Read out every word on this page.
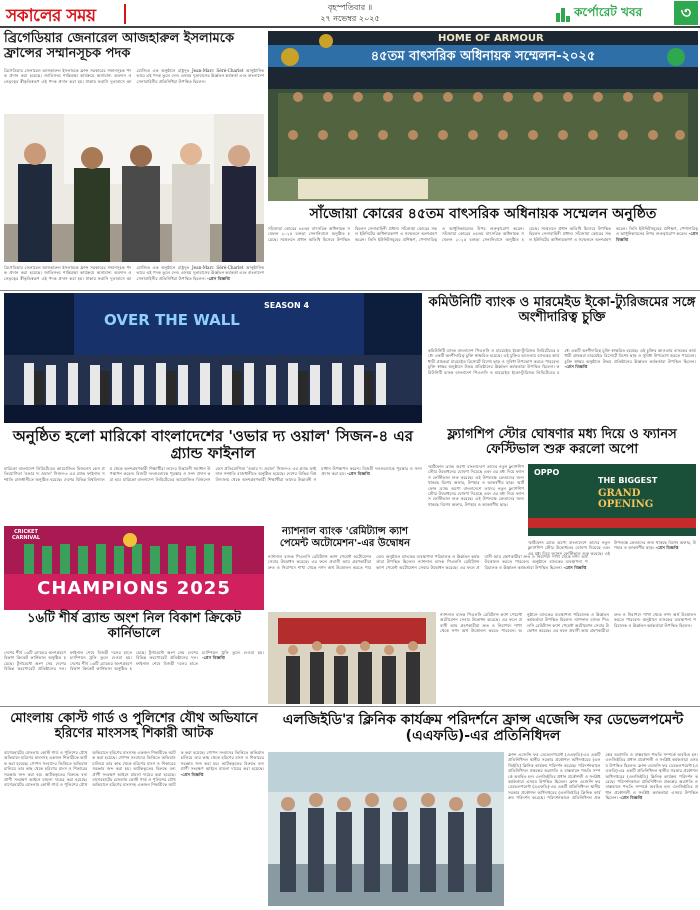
সকালের সময়	বৃহস্পতিবার ॥
২৭ নভেম্বর ২০২৫	কর্পোরেট খবর	৩
ব্রিগেডিয়ার জেনারেল আজহারুল ইসলামকে ফ্রান্সের সম্মানসূচক পদক
ব্রিগেডিয়ার জেনারেল আজহারুল ইসলামকে ফ্রান্স সরকারের সম্মানসূচক পদক প্রদান করা হয়েছে। জাতিসংঘ শান্তিরক্ষা কার্যক্রমে অসামান্য অবদান ও নেতৃত্বের স্বীকৃতিস্বরূপ এই পদক প্রদান করা হয়। ঢাকায় ফরাসি দূতাবাসে আয়োজিত এক অনুষ্ঠানে রাষ্ট্রদূত Jean-Marc Séré-Charlet আনুষ্ঠানিকভাবে এই পদক তুলে দেন। এসময় দূতাবাসের ঊর্ধ্বতন কর্মকর্তা এবং বাংলাদেশ সেনাবাহিনীর প্রতিনিধিরা উপস্থিত ছিলেন।
ব্রিগেডিয়ার জেনারেল আজহারুল ইসলামকে ফ্রান্স সরকারের সম্মানসূচক পদক প্রদান করা হয়েছে। জাতিসংঘ শান্তিরক্ষা কার্যক্রমে অসামান্য অবদান ও নেতৃত্বের স্বীকৃতিস্বরূপ এই পদক প্রদান করা হয়। ঢাকায় ফরাসি দূতাবাসে আয়োজিত এক অনুষ্ঠানে রাষ্ট্রদূত Jean-Marc Séré-Charlet আনুষ্ঠানিকভাবে এই পদক তুলে দেন। এসময় দূতাবাসের ঊর্ধ্বতন কর্মকর্তা এবং বাংলাদেশ সেনাবাহিনীর প্রতিনিধিরা উপস্থিত ছিলেন। -প্রেস বিজ্ঞপ্তি
HOME OF ARMOUR
৪৫তম বাৎসরিক অধিনায়ক সম্মেলন-২০২৫
সাঁজোয়া কোরের ৪৫তম বাৎসরিক অধিনায়ক সম্মেলন অনুষ্ঠিত
সাঁজোয়া কোরের ৪৫তম বাৎসরিক অধিনায়ক সম্মেলন ২০২৫ বগুড়া সেনানিবাসে অনুষ্ঠিত হয়েছে। সম্মেলনে প্রধান অতিথি হিসেবে উপস্থিত ছিলেন সেনাবাহিনী প্রধান। সাঁজোয়া কোরের সকল ইউনিটের অধিনায়কগণ এ সম্মেলনে অংশগ্রহণ করেন। তিনি ইউনিটসমূহের প্রশিক্ষণ, পেশাদারিত্ব ও আধুনিকায়নের উপর গুরুত্বারোপ করেন। সাঁজোয়া কোরের ৪৫তম বাৎসরিক অধিনায়ক সম্মেলন ২০২৫ বগুড়া সেনানিবাসে অনুষ্ঠিত হয়েছে। সম্মেলনে প্রধান অতিথি হিসেবে উপস্থিত ছিলেন সেনাবাহিনী প্রধান। সাঁজোয়া কোরের সকল ইউনিটের অধিনায়কগণ এ সম্মেলনে অংশগ্রহণ করেন। তিনি ইউনিটসমূহের প্রশিক্ষণ, পেশাদারিত্ব ও আধুনিকায়নের উপর গুরুত্বারোপ করেন। -প্রেস বিজ্ঞপ্তি
OVER THE WALL
SEASON 4	কমিউনিটি ব্যাংক ও মারমেইড ইকো-ট্যুরিজমের সঙ্গে অংশীদারিত্ব চুক্তি
কমিউনিটি ব্যাংক বাংলাদেশ পিএলসি ও মারমেইড ইকো-ট্যুরিজম লিমিটেডের মধ্যে একটি অংশীদারিত্ব চুক্তি স্বাক্ষরিত হয়েছে। এই চুক্তির আওতায় ব্যাংকের কার্ডধারী গ্রাহকরা মারমেইড রিসোর্টে বিশেষ ছাড় ও সুবিধা উপভোগ করতে পারবেন। চুক্তি স্বাক্ষর অনুষ্ঠানে উভয় প্রতিষ্ঠানের ঊর্ধ্বতন কর্মকর্তারা উপস্থিত ছিলেন। কমিউনিটি ব্যাংক বাংলাদেশ পিএলসি ও মারমেইড ইকো-ট্যুরিজম লিমিটেডের মধ্যে একটি অংশীদারিত্ব চুক্তি স্বাক্ষরিত হয়েছে। এই চুক্তির আওতায় ব্যাংকের কার্ডধারী গ্রাহকরা মারমেইড রিসোর্টে বিশেষ ছাড় ও সুবিধা উপভোগ করতে পারবেন। চুক্তি স্বাক্ষর অনুষ্ঠানে উভয় প্রতিষ্ঠানের ঊর্ধ্বতন কর্মকর্তারা উপস্থিত ছিলেন। -প্রেস বিজ্ঞপ্তি
অনুষ্ঠিত হলো মারিকো বাংলাদেশের 'ওভার দ্য ওয়াল' সিজন-৪ এর গ্র্যান্ড ফাইনাল
মারিকো বাংলাদেশ লিমিটেডের আয়োজিত বিজনেস কেস প্রতিযোগিতা 'ওভার দ্য ওয়াল' সিজন-৪ এর গ্র্যান্ড ফাইনাল সম্প্রতি রাজধানীতে অনুষ্ঠিত হয়েছে। দেশের বিভিন্ন বিশ্ববিদ্যালয় থেকে অংশগ্রহণকারী শিক্ষার্থীরা তাদের উদ্ভাবনী সমাধান উপস্থাপন করেন। বিজয়ী দলগুলোকে পুরস্কার ও সনদ প্রদান করা হয়। মারিকো বাংলাদেশ লিমিটেডের আয়োজিত বিজনেস কেস প্রতিযোগিতা 'ওভার দ্য ওয়াল' সিজন-৪ এর গ্র্যান্ড ফাইনাল সম্প্রতি রাজধানীতে অনুষ্ঠিত হয়েছে। দেশের বিভিন্ন বিশ্ববিদ্যালয় থেকে অংশগ্রহণকারী শিক্ষার্থীরা তাদের উদ্ভাবনী সমাধান উপস্থাপন করেন। বিজয়ী দলগুলোকে পুরস্কার ও সনদ প্রদান করা হয়। -প্রেস বিজ্ঞপ্তি
ফ্ল্যাগশিপ স্টোর ঘোষণার মধ্য দিয়ে ও ফ্যানস ফেস্টিভাল শুরু করলো অপো
স্মার্টফোন ব্র্যান্ড অপো বাংলাদেশে তাদের নতুন ফ্ল্যাগশিপ স্টোর উদ্বোধনের ঘোষণা দিয়েছে এবং এর মধ্য দিয়ে ফ্যানস ফেস্টিভাল শুরু করেছে। এই উপলক্ষে ক্রেতাদের জন্য থাকছে বিশেষ অফার, উপহার ও আকর্ষণীয় ছাড়। স্মার্টফোন ব্র্যান্ড অপো বাংলাদেশে তাদের নতুন ফ্ল্যাগশিপ স্টোর উদ্বোধনের ঘোষণা দিয়েছে এবং এর মধ্য দিয়ে ফ্যানস ফেস্টিভাল শুরু করেছে। এই উপলক্ষে ক্রেতাদের জন্য থাকছে বিশেষ অফার, উপহার ও আকর্ষণীয় ছাড়।
OPPO
THE BIGGEST
GRAND OPENING
স্মার্টফোন ব্র্যান্ড অপো বাংলাদেশে তাদের নতুন ফ্ল্যাগশিপ স্টোর উদ্বোধনের ঘোষণা দিয়েছে এবং এর মধ্য দিয়ে ফ্যানস ফেস্টিভাল শুরু করেছে। এই উপলক্ষে ক্রেতাদের জন্য থাকছে বিশেষ অফার, উপহার ও আকর্ষণীয় ছাড়। -প্রেস বিজ্ঞপ্তি
ন্যাশনাল ব্যাংক 'রেমিট্যান্স ক্যাশ পেমেন্ট অটোমেশন'-এর উদ্বোধন
ন্যাশনাল ব্যাংক পিএলসি রেমিট্যান্স ক্যাশ পেমেন্ট অটোমেশন সেবার উদ্বোধন করেছে। এর ফলে প্রবাসী আয় গ্রহণকারীরা দ্রুত ও নিরাপদে শাখা থেকে নগদ অর্থ উত্তোলন করতে পারবেন। অনুষ্ঠানে ব্যাংকের ব্যবস্থাপনা পরিচালক ও ঊর্ধ্বতন কর্মকর্তারা উপস্থিত ছিলেন। ন্যাশনাল ব্যাংক পিএলসি রেমিট্যান্স ক্যাশ পেমেন্ট অটোমেশন সেবার উদ্বোধন করেছে। এর ফলে প্রবাসী আয় গ্রহণকারীরা দ্রুত ও নিরাপদে শাখা থেকে নগদ অর্থ উত্তোলন করতে পারবেন। অনুষ্ঠানে ব্যাংকের ব্যবস্থাপনা পরিচালক ও ঊর্ধ্বতন কর্মকর্তারা উপস্থিত ছিলেন। -প্রেস বিজ্ঞপ্তি
CRICKET CARNIVAL
CHAMPIONS 2025
১৬টি শীর্ষ ব্র্যান্ড অংশ নিল বিকাশ ক্রিকেট কার্নিভালে
দেশের শীর্ষ ১৬টি ব্র্যান্ডের অংশগ্রহণে বিকাশ ক্রিকেট কার্নিভাল অনুষ্ঠিত হয়েছে। টুর্নামেন্টে অংশ নেয় দেশের বিভিন্ন করপোরেট প্রতিষ্ঠানের দল। ফাইনাল শেষে বিজয়ী দলের হাতে চ্যাম্পিয়ন ট্রফি তুলে দেওয়া হয়। দেশের শীর্ষ ১৬টি ব্র্যান্ডের অংশগ্রহণে বিকাশ ক্রিকেট কার্নিভাল অনুষ্ঠিত হয়েছে। টুর্নামেন্টে অংশ নেয় দেশের বিভিন্ন করপোরেট প্রতিষ্ঠানের দল। ফাইনাল শেষে বিজয়ী দলের হাতে চ্যাম্পিয়ন ট্রফি তুলে দেওয়া হয়। -প্রেস বিজ্ঞপ্তি
ন্যাশনাল ব্যাংক পিএলসি রেমিট্যান্স ক্যাশ পেমেন্ট অটোমেশন সেবার উদ্বোধন করেছে। এর ফলে প্রবাসী আয় গ্রহণকারীরা দ্রুত ও নিরাপদে শাখা থেকে নগদ অর্থ উত্তোলন করতে পারবেন। অনুষ্ঠানে ব্যাংকের ব্যবস্থাপনা পরিচালক ও ঊর্ধ্বতন কর্মকর্তারা উপস্থিত ছিলেন। ন্যাশনাল ব্যাংক পিএলসি রেমিট্যান্স ক্যাশ পেমেন্ট অটোমেশন সেবার উদ্বোধন করেছে। এর ফলে প্রবাসী আয় গ্রহণকারীরা দ্রুত ও নিরাপদে শাখা থেকে নগদ অর্থ উত্তোলন করতে পারবেন। অনুষ্ঠানে ব্যাংকের ব্যবস্থাপনা পরিচালক ও ঊর্ধ্বতন কর্মকর্তারা উপস্থিত ছিলেন।
মোংলায় কোস্ট গার্ড ও পুলিশের যৌথ অভিযানে হরিণের মাংসসহ শিকারী আটক
বাগেরহাটের মোংলায় কোস্ট গার্ড ও পুলিশের যৌথ অভিযানে হরিণের মাংসসহ একজন শিকারীকে আটক করা হয়েছে। গোপন সংবাদের ভিত্তিতে অভিযান চালিয়ে তার কাছ থেকে হরিণের মাংস ও শিকারের সরঞ্জাম জব্দ করা হয়। আটককৃতের বিরুদ্ধে বন্যপ্রাণী সংরক্ষণ আইনে মামলা দায়ের করা হয়েছে। বাগেরহাটের মোংলায় কোস্ট গার্ড ও পুলিশের যৌথ অভিযানে হরিণের মাংসসহ একজন শিকারীকে আটক করা হয়েছে। গোপন সংবাদের ভিত্তিতে অভিযান চালিয়ে তার কাছ থেকে হরিণের মাংস ও শিকারের সরঞ্জাম জব্দ করা হয়। আটককৃতের বিরুদ্ধে বন্যপ্রাণী সংরক্ষণ আইনে মামলা দায়ের করা হয়েছে। বাগেরহাটের মোংলায় কোস্ট গার্ড ও পুলিশের যৌথ অভিযানে হরিণের মাংসসহ একজন শিকারীকে আটক করা হয়েছে। গোপন সংবাদের ভিত্তিতে অভিযান চালিয়ে তার কাছ থেকে হরিণের মাংস ও শিকারের সরঞ্জাম জব্দ করা হয়। আটককৃতের বিরুদ্ধে বন্যপ্রাণী সংরক্ষণ আইনে মামলা দায়ের করা হয়েছে। -প্রেস বিজ্ঞপ্তি
এলজিইডি'র ক্লিনিক কার্যক্রম পরিদর্শনে ফ্রান্স এজেন্সি ফর ডেভেলপমেন্ট (এএফডি)-এর প্রতিনিধিদল
ফ্রান্স এজেন্সি ফর ডেভেলপমেন্ট (এএফডি)-এর একটি প্রতিনিধিদল স্থানীয় সরকার প্রকৌশল অধিদপ্তরের (এলজিইডি) ক্লিনিক কার্যক্রম পরিদর্শন করেছে। পরিদর্শনকালে প্রতিনিধিদল প্রকল্পের অগ্রগতি ও বাস্তবায়ন পদ্ধতি সম্পর্কে অবহিত হন। এলজিইডির প্রধান প্রকৌশলী ও সংশ্লিষ্ট কর্মকর্তারা এসময় উপস্থিত ছিলেন। ফ্রান্স এজেন্সি ফর ডেভেলপমেন্ট (এএফডি)-এর একটি প্রতিনিধিদল স্থানীয় সরকার প্রকৌশল অধিদপ্তরের (এলজিইডি) ক্লিনিক কার্যক্রম পরিদর্শন করেছে। পরিদর্শনকালে প্রতিনিধিদল প্রকল্পের অগ্রগতি ও বাস্তবায়ন পদ্ধতি সম্পর্কে অবহিত হন। এলজিইডির প্রধান প্রকৌশলী ও সংশ্লিষ্ট কর্মকর্তারা এসময় উপস্থিত ছিলেন। ফ্রান্স এজেন্সি ফর ডেভেলপমেন্ট (এএফডি)-এর একটি প্রতিনিধিদল স্থানীয় সরকার প্রকৌশল অধিদপ্তরের (এলজিইডি) ক্লিনিক কার্যক্রম পরিদর্শন করেছে। পরিদর্শনকালে প্রতিনিধিদল প্রকল্পের অগ্রগতি ও বাস্তবায়ন পদ্ধতি সম্পর্কে অবহিত হন। এলজিইডির প্রধান প্রকৌশলী ও সংশ্লিষ্ট কর্মকর্তারা এসময় উপস্থিত ছিলেন। -প্রেস বিজ্ঞপ্তি
